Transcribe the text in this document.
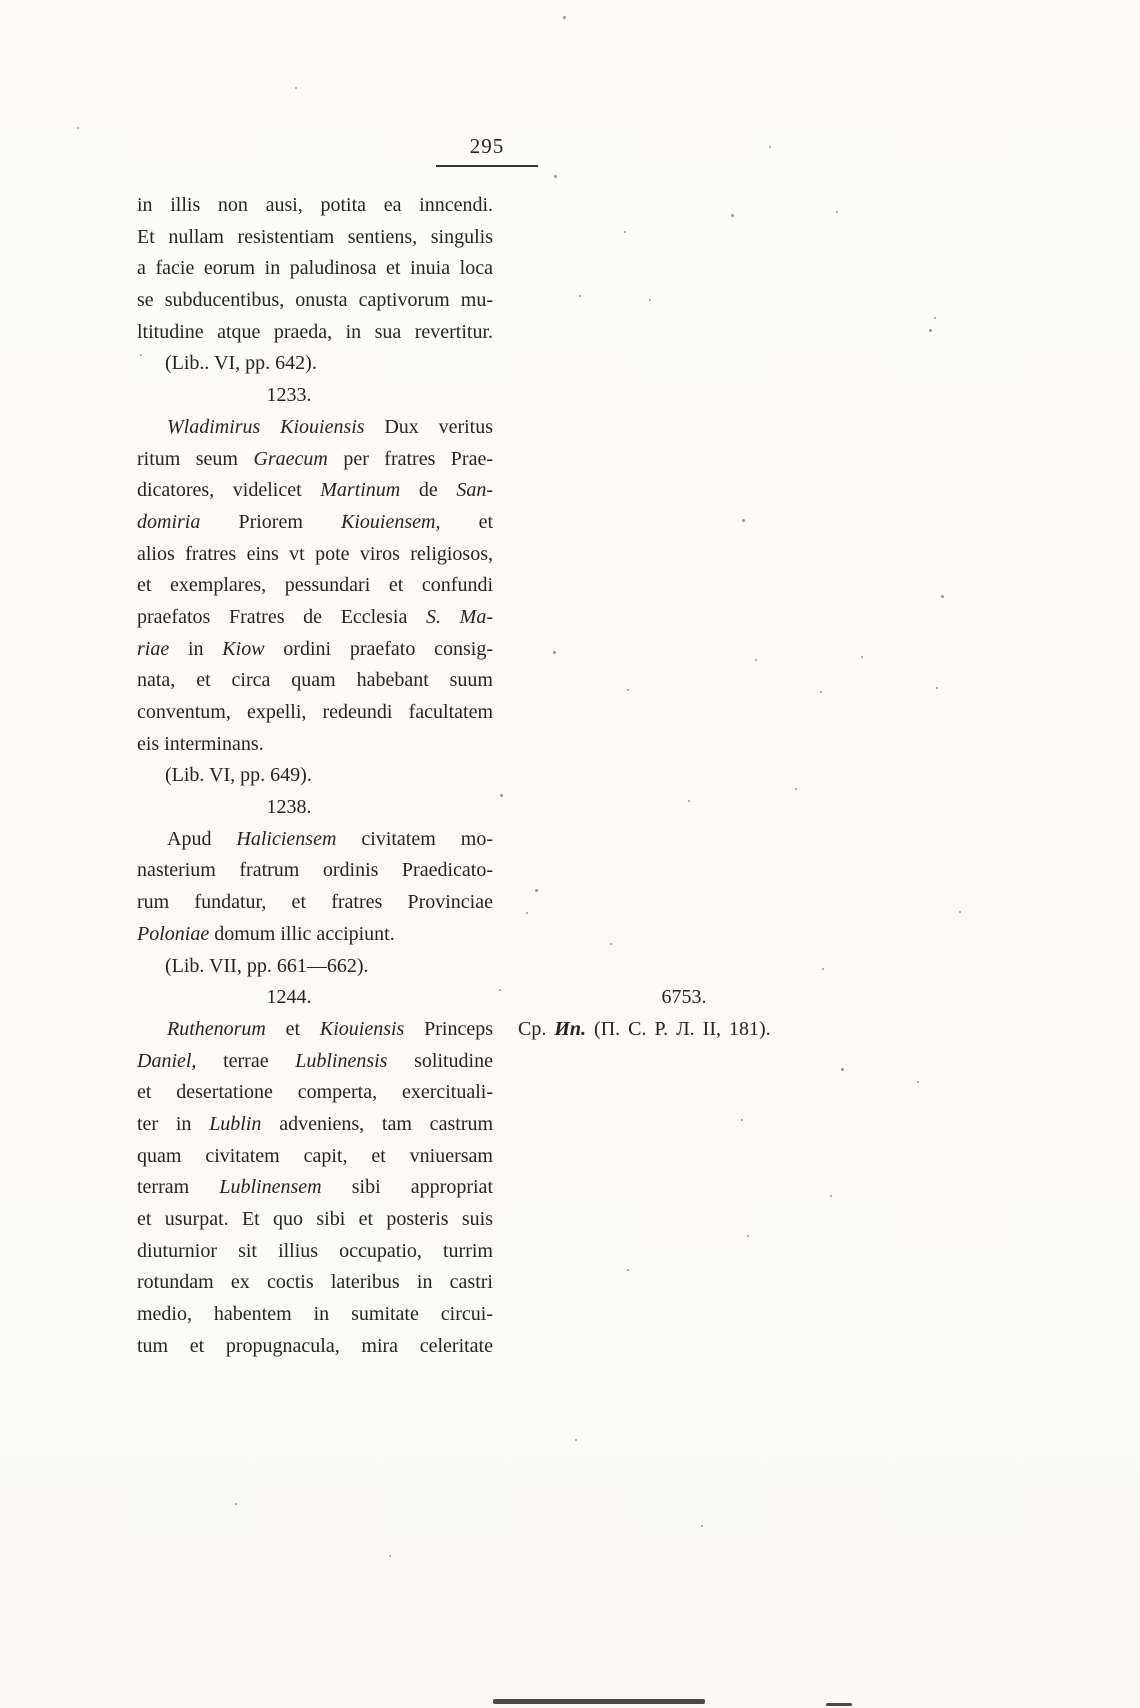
295
in illis non ausi, potita ea inncendi.
Et nullam resistentiam sentiens, singulis
a facie eorum in paludinosa et inuia loca
se subducentibus, onusta captivorum mu-
ltitudine atque praeda, in sua revertitur.
(Lib.. VI, pp. 642).
1233.
Wladimirus Kiouiensis Dux veritus
ritum seum Graecum per fratres Prae-
dicatores, videlicet Martinum de San-
domiria Priorem Kiouiensem, et
alios fratres eins vt pote viros religiosos,
et exemplares, pessundari et confundi
praefatos Fratres de Ecclesia S. Ma-
riae in Kiow ordini praefato consig-
nata, et circa quam habebant suum
conventum, expelli, redeundi facultatem
eis interminans.
(Lib. VI, pp. 649).
1238.
Apud Haliciensem civitatem mo-
nasterium fratrum ordinis Praedicato-
rum fundatur, et fratres Provinciae
Poloniae domum illic accipiunt.
(Lib. VII, pp. 661—662).
1244.
Ruthenorum et Kiouiensis Princeps
Daniel, terrae Lublinensis solitudine
et desertatione comperta, exercituali-
ter in Lublin adveniens, tam castrum
quam civitatem capit, et vniuersam
terram Lublinensem sibi appropriat
et usurpat. Et quo sibi et posteris suis
diuturnior sit illius occupatio, turrim
rotundam ex coctis lateribus in castri
medio, habentem in sumitate circui-
tum et propugnacula, mira celeritate
6753.
Ср. Ип. (П. С. Р. Л. II, 181).
